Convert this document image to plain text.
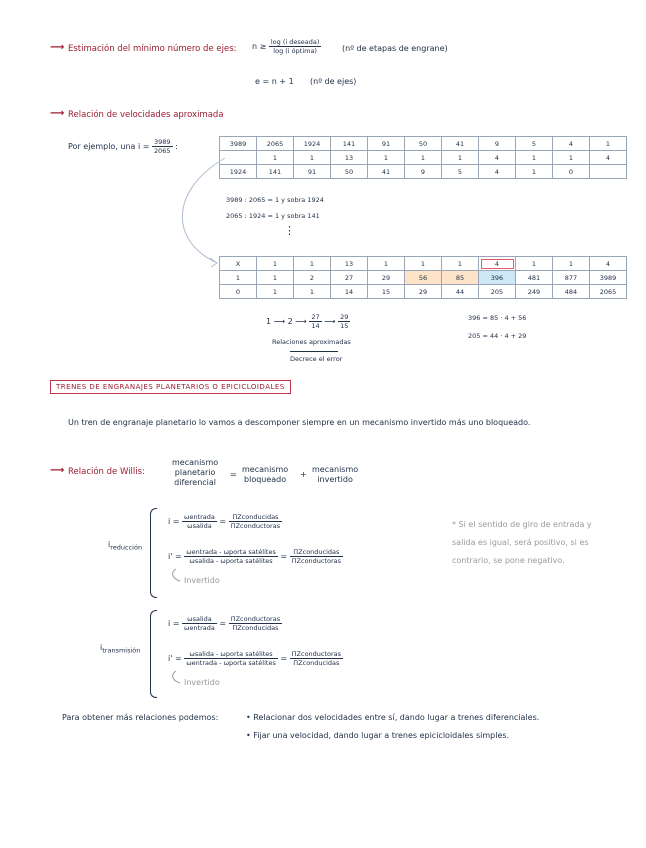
⟶ Estimación del mínimo número de ejes: $n \ge \frac{\text{log (i deseada)}}{\text{log (i óptima)}}$	(nº de etapas de engrane)
e = n + 1 (nº de ejes)
⟶ Relación de velocidades aproximada
Por ejemplo, una $i = \frac{3989}{2065}$ :	3989	2065	1924	141	91	50	41	9	5	4	1
	1	1	13	1	1	1	4	1	1	4
1924	141	91	50	41	9	5	4	1	0	
3989 : 2065 = 1 y sobra 1924
2065 : 1924 = 1 y sobra 141
⋮
X	1	1	13	1	1	1	4	1	1	4
1	1	2	27	29	56	85	396	481	877	3989
0	1	1	14	15	29	44	205	249	484	2065
1 ⟶ 2 ⟶ $\frac{27}{14}$ ⟶ $\frac{29}{15}$
Relaciones aproximadas
Decrece el error
396 = 85 · 4 + 56
205 = 44 · 4 + 29
TRENES DE ENGRANAJES PLANETARIOS O EPICICLOIDALES
Un tren de engranaje planetario lo vamos a descomponer siempre en un mecanismo invertido más uno bloqueado.
⟶ Relación de Willis:
mecanismo
planetario
diferencial
=
mecanismo
bloqueado
+
mecanismo
invertido
$i_{reducción}$
$i = \frac{\text{ωentrada}}{\text{ωsalida}} = \frac{\text{ΠZconducidas}}{\text{ΠZconductoras}}$
$i' = \frac{\text{ωentrada - ωporta satélites}}{\text{ωsalida - ωporta satélites}} = \frac{\text{ΠZconducidas}}{\text{ΠZconductoras}}$
Invertido
* Si el sentido de giro de entrada y salida es igual, será positivo, si es contrario, se pone negativo.
$i_{transmisión}$
$i = \frac{\text{ωsalida}}{\text{ωentrada}} = \frac{\text{ΠZconductoras}}{\text{ΠZconducidas}}$
$i' = \frac{\text{ωsalida - ωporta satélites}}{\text{ωentrada - ωporta satélites}} = \frac{\text{ΠZconductoras}}{\text{ΠZconducidas}}$
Invertido
Para obtener más relaciones podemos:	• Relacionar dos velocidades entre sí, dando lugar a trenes diferenciales.
• Fijar una velocidad, dando lugar a trenes epicicloidales simples.
